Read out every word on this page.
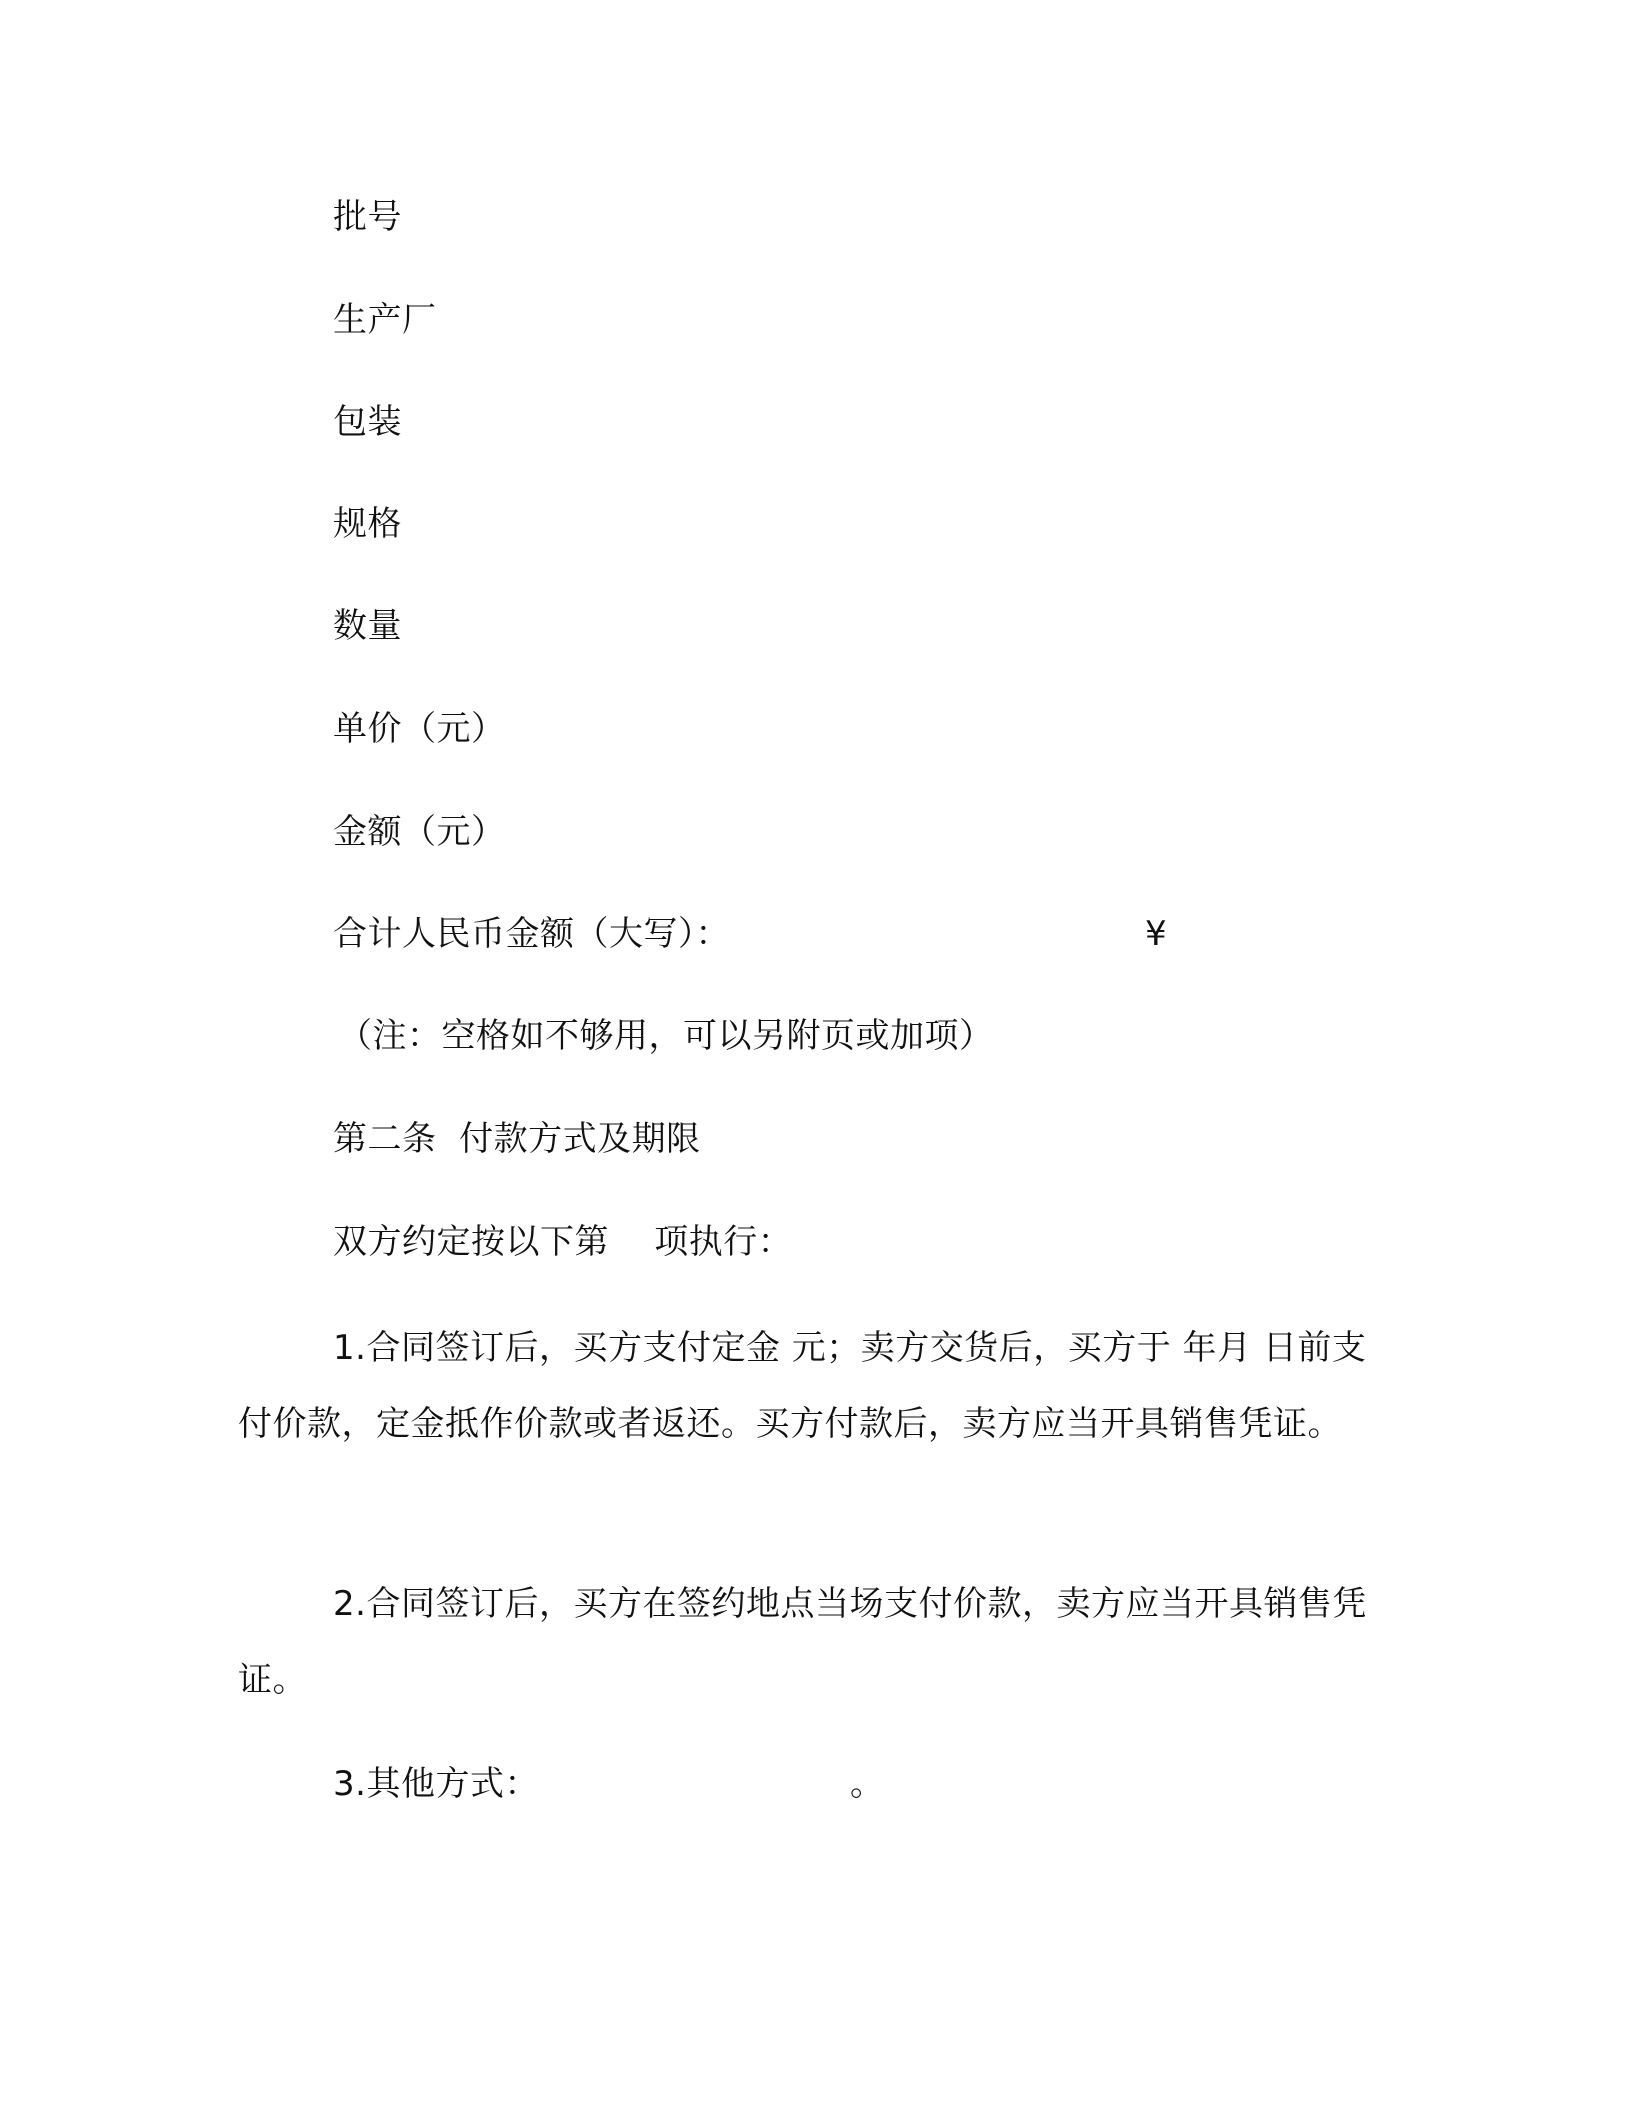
批号
生产厂
包装
规格
数量
单价（元）
金额（元）
合计人民币金额（大写）：	¥
（注：空格如不够用，可以另附页或加项）
第二条  付款方式及期限
双方约定按以下第    项执行：
1.合同签订后，买方支付定金 元；卖方交货后，买方于 年月 日前支付价款，定金抵作价款或者返还。买方付款后，卖方应当开具销售凭证。
2.合同签订后，买方在签约地点当场支付价款，卖方应当开具销售凭证。
3.其他方式：	。
